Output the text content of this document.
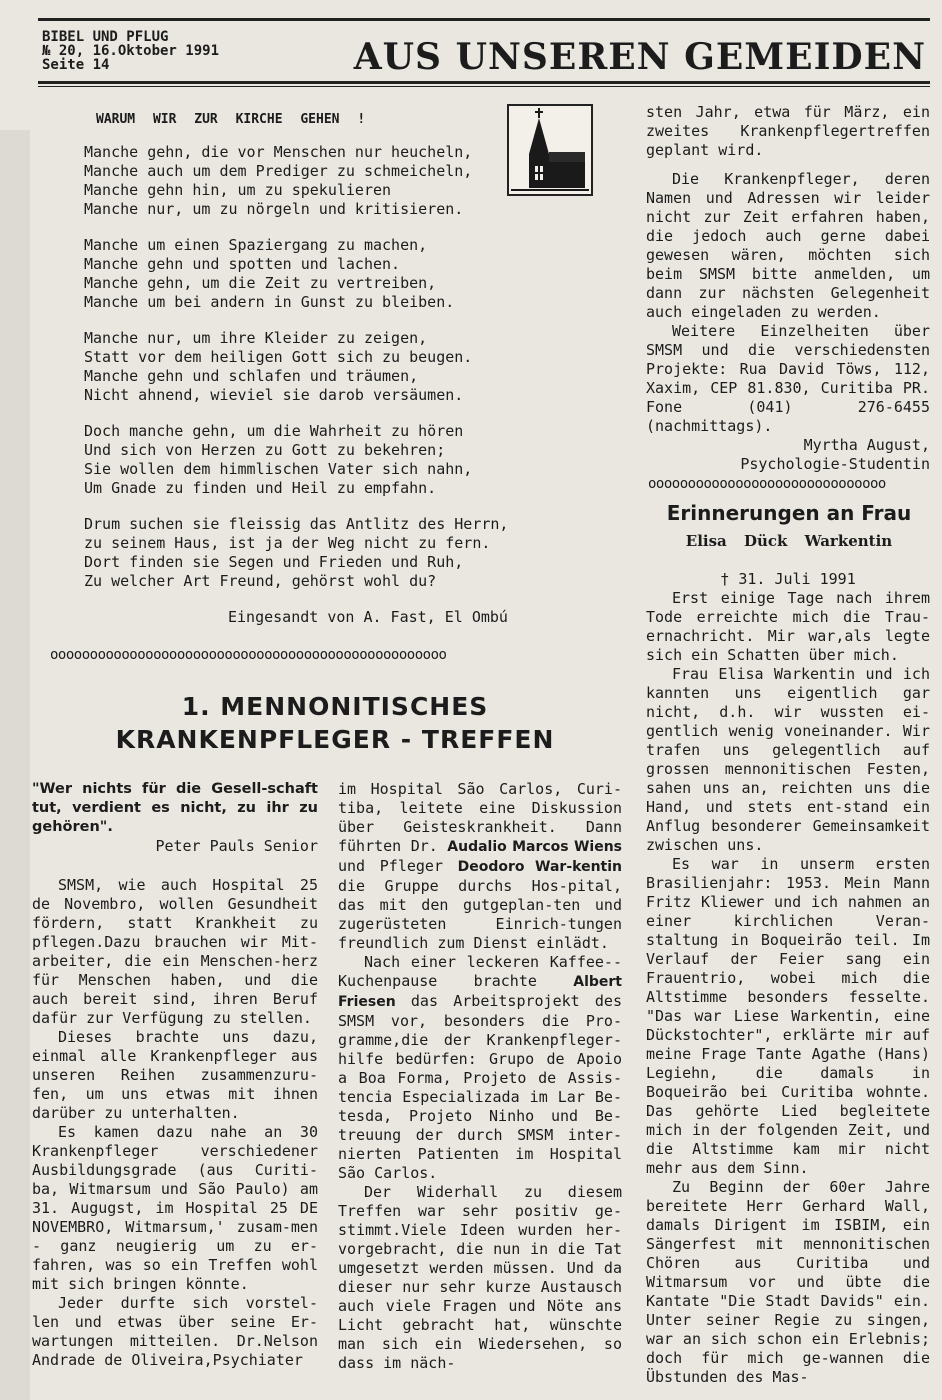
BIBEL UND PFLUG
№ 20, 16.Oktober 1991
Seite 14	AUS UNSEREN GEMEIDEN
WARUM WIR ZUR KIRCHE GEHEN !
Manche gehn, die vor Menschen nur heucheln,
Manche auch um dem Prediger zu schmeicheln,
Manche gehn hin, um zu spekulieren
Manche nur, um zu nörgeln und kritisieren.
Manche um einen Spaziergang zu machen,
Manche gehn und spotten und lachen.
Manche gehn, um die Zeit zu vertreiben,
Manche um bei andern in Gunst zu bleiben.
Manche nur, um ihre Kleider zu zeigen,
Statt vor dem heiligen Gott sich zu beugen.
Manche gehn und schlafen und träumen,
Nicht ahnend, wieviel sie darob versäumen.
Doch manche gehn, um die Wahrheit zu hören
Und sich von Herzen zu Gott zu bekehren;
Sie wollen dem himmlischen Vater sich nahn,
Um Gnade zu finden und Heil zu empfahn.
Drum suchen sie fleissig das Antlitz des Herrn,
zu seinem Haus, ist ja der Weg nicht zu fern.
Dort finden sie Segen und Frieden und Ruh,
Zu welcher Art Freund, gehörst wohl du?
Eingesandt von A. Fast, El Ombú
oooooooooooooooooooooooooooooooooooooooooooooooooo
1. MENNONITISCHES
KRANKENPFLEGER - TREFFEN
"Wer nichts für die Gesell-schaft tut, verdient es nicht, zu ihr zu gehören".
Peter Pauls Senior

SMSM, wie auch Hospital 25 de Novembro, wollen Gesundheit fördern, statt Krankheit zu pflegen.Dazu brauchen wir Mit-arbeiter, die ein Menschen-herz für Menschen haben, und die auch bereit sind, ihren Beruf dafür zur Verfügung zu stellen.

Dieses brachte uns dazu, einmal alle Krankenpfleger aus unseren Reihen zusammenzuru-fen, um uns etwas mit ihnen darüber zu unterhalten.

Es kamen dazu nahe an 30 Krankenpfleger verschiedener Ausbildungsgrade (aus Curiti-ba, Witmarsum und São Paulo) am 31. Augugst, im Hospital 25 DE NOVEMBRO, Witmarsum,' zusam-men - ganz neugierig um zu er-fahren, was so ein Treffen wohl mit sich bringen könnte.

Jeder durfte sich vorstel-len und etwas über seine Er-wartungen mitteilen. Dr.Nelson Andrade de Oliveira,Psychiater

im Hospital São Carlos, Curi-tiba, leitete eine Diskussion über Geisteskrankheit. Dann führten Dr. Audalio Marcos Wiens und Pfleger Deodoro War-kentin die Gruppe durchs Hos-pital, das mit den gutgeplan-ten und zugerüsteten Einrich-tungen freundlich zum Dienst einlädt.

Nach einer leckeren Kaffee--Kuchenpause brachte	Albert Friesen das Arbeitsprojekt des SMSM vor, besonders die Pro-gramme,die der Krankenpfleger-hilfe bedürfen: Grupo de Apoio a Boa Forma, Projeto de Assis-tencia Especializada im Lar Be-tesda, Projeto Ninho und Be-treuung der durch SMSM inter-nierten Patienten im Hospital São Carlos.

Der Widerhall zu diesem Treffen war sehr positiv ge-stimmt.Viele Ideen wurden her-vorgebracht, die nun in die Tat umgesetzt werden müssen. Und da dieser nur sehr kurze Austausch auch viele Fragen und Nöte ans Licht gebracht hat, wünschte man sich ein Wiedersehen, so dass im näch-

sten Jahr, etwa für März, ein zweites Krankenpflegertreffen geplant wird.

Die Krankenpfleger, deren Namen und Adressen wir leider nicht zur Zeit erfahren haben, die jedoch auch gerne dabei gewesen wären, möchten sich beim SMSM bitte anmelden, um dann zur nächsten Gelegenheit auch eingeladen zu werden.

Weitere Einzelheiten über SMSM und die verschiedensten Projekte: Rua David Töws, 112, Xaxim, CEP 81.830, Curitiba PR. Fone (041) 276-6455 (nachmittags).

Myrtha August,
Psychologie-Studentin
oooooooooooooooooooooooooooooo
Erinnerungen an Frau
Elisa Dück Warkentin
† 31. Juli 1991

Erst einige Tage nach ihrem Tode erreichte mich die Trau-ernachricht. Mir war,als legte sich ein Schatten über mich.

Frau Elisa Warkentin und ich kannten uns eigentlich gar nicht, d.h. wir wussten ei-gentlich wenig voneinander. Wir trafen uns gelegentlich auf grossen mennonitischen Festen, sahen uns an, reichten uns die Hand, und stets ent-stand ein Anflug besonderer Gemeinsamkeit zwischen uns.

Es war in unserm ersten Brasilienjahr: 1953. Mein Mann Fritz Kliewer und ich nahmen an einer kirchlichen Veran-staltung in Boqueirão teil. Im Verlauf der Feier sang ein Frauentrio, wobei mich die Altstimme besonders fesselte. "Das war Liese Warkentin, eine Dückstochter", erklärte mir auf meine Frage Tante Agathe (Hans) Legiehn, die damals in Boqueirão bei Curitiba wohnte. Das gehörte Lied begleitete mich in der folgenden Zeit, und die Altstimme kam mir nicht mehr aus dem Sinn.

Zu Beginn der 60er Jahre bereitete Herr Gerhard Wall, damals Dirigent im ISBIM, ein Sängerfest mit mennonitischen Chören aus Curitiba und Witmarsum vor und übte die Kantate "Die Stadt Davids" ein. Unter seiner Regie zu singen, war an sich schon ein Erlebnis; doch für mich ge-wannen die Übstunden des Mas-
